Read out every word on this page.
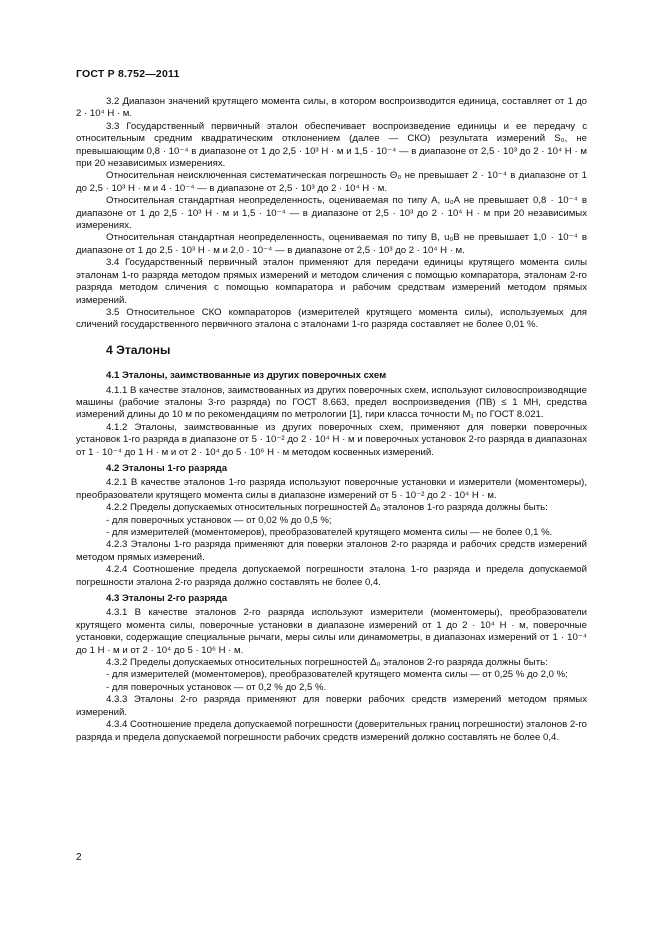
ГОСТ Р 8.752—2011

3.2 Диапазон значений крутящего момента силы, в котором воспроизводится единица, составляет от 1 до 2 · 10⁴ Н · м.

3.3 Государственный первичный эталон обеспечивает воспроизведение единицы и ее передачу с относительным средним квадратическим отклонением (далее — СКО) результата измерений S₀, не превышающим 0,8 · 10⁻⁴ в диапазоне от 1 до 2,5 · 10³ Н · м и 1,5 · 10⁻⁴ — в диапазоне от 2,5 · 10³ до 2 · 10⁴ Н · м при 20 независимых измерениях.

Относительная неисключенная систематическая погрешность Θ₀ не превышает 2 · 10⁻⁴ в диапазоне от 1 до 2,5 · 10³ Н · м и 4 · 10⁻⁴ — в диапазоне от 2,5 · 10³ до 2 · 10⁴ Н · м.

Относительная стандартная неопределенность, оцениваемая по типу A, u₀A не превышает 0,8 · 10⁻⁴ в диапазоне от 1 до 2,5 · 10³ Н · м и 1,5 · 10⁻⁴ — в диапазоне от 2,5 · 10³ до 2 · 10⁴ Н · м при 20 независимых измерениях.

Относительная стандартная неопределенность, оцениваемая по типу B, u₀B не превышает 1,0 · 10⁻⁴ в диапазоне от 1 до 2,5 · 10³ Н · м и 2,0 · 10⁻⁴ — в диапазоне от 2,5 · 10³ до 2 · 10⁴ Н · м.

3.4 Государственный первичный эталон применяют для передачи единицы крутящего момента силы эталонам 1-го разряда методом прямых измерений и методом сличения с помощью компаратора, эталонам 2-го разряда методом сличения с помощью компаратора и рабочим средствам измерений методом прямых измерений.

3.5 Относительное СКО компараторов (измерителей крутящего момента силы), используемых для сличений государственного первичного эталона с эталонами 1-го разряда составляет не более 0,01 %.

4 Эталоны
4.1 Эталоны, заимствованные из других поверочных схем

4.1.1 В качестве эталонов, заимствованных из других поверочных схем, используют силовоспроизводящие машины (рабочие эталоны 3-го разряда) по ГОСТ 8.663, предел воспроизведения (ПВ) ≤ 1 МН, средства измерений длины до 10 м по рекомендациям по метрологии [1], гири класса точности M₁ по ГОСТ 8.021.

4.1.2 Эталоны, заимствованные из других поверочных схем, применяют для поверки поверочных установок 1-го разряда в диапазоне от 5 · 10⁻² до 2 · 10⁴ Н · м и поверочных установок 2-го разряда в диапазонах от 1 · 10⁻⁴ до 1 Н · м и от 2 · 10⁴ до 5 · 10⁶ Н · м методом косвенных измерений.

4.2 Эталоны 1-го разряда

4.2.1 В качестве эталонов 1-го разряда используют поверочные установки и измерители (моментомеры), преобразователи крутящего момента силы в диапазоне измерений от 5 · 10⁻² до 2 · 10⁴ Н · м.

4.2.2 Пределы допускаемых относительных погрешностей Δ₀ эталонов 1-го разряда должны быть:

- для поверочных установок — от 0,02 % до 0,5 %;

- для измерителей (моментомеров), преобразователей крутящего момента силы — не более 0,1 %.

4.2.3 Эталоны 1-го разряда применяют для поверки эталонов 2-го разряда и рабочих средств измерений методом прямых измерений.

4.2.4 Соотношение предела допускаемой погрешности эталона 1-го разряда и предела допускаемой погрешности эталона 2-го разряда должно составлять не более 0,4.

4.3 Эталоны 2-го разряда

4.3.1 В качестве эталонов 2-го разряда используют измерители (моментомеры), преобразователи крутящего момента силы, поверочные установки в диапазоне измерений от 1 до 2 · 10⁴ Н · м, поверочные установки, содержащие специальные рычаги, меры силы или динамометры, в диапазонах измерений от 1 · 10⁻⁴ до 1 Н · м и от 2 · 10⁴ до 5 · 10⁶ Н · м.

4.3.2 Пределы допускаемых относительных погрешностей Δ₀ эталонов 2-го разряда должны быть:

- для измерителей (моментомеров), преобразователей крутящего момента силы — от 0,25 % до 2,0 %;

- для поверочных установок — от 0,2 % до 2,5 %.

4.3.3 Эталоны 2-го разряда применяют для поверки рабочих средств измерений методом прямых измерений.

4.3.4 Соотношение предела допускаемой погрешности (доверительных границ погрешности) эталонов 2-го разряда и предела допускаемой погрешности рабочих средств измерений должно составлять не более 0,4.

2
